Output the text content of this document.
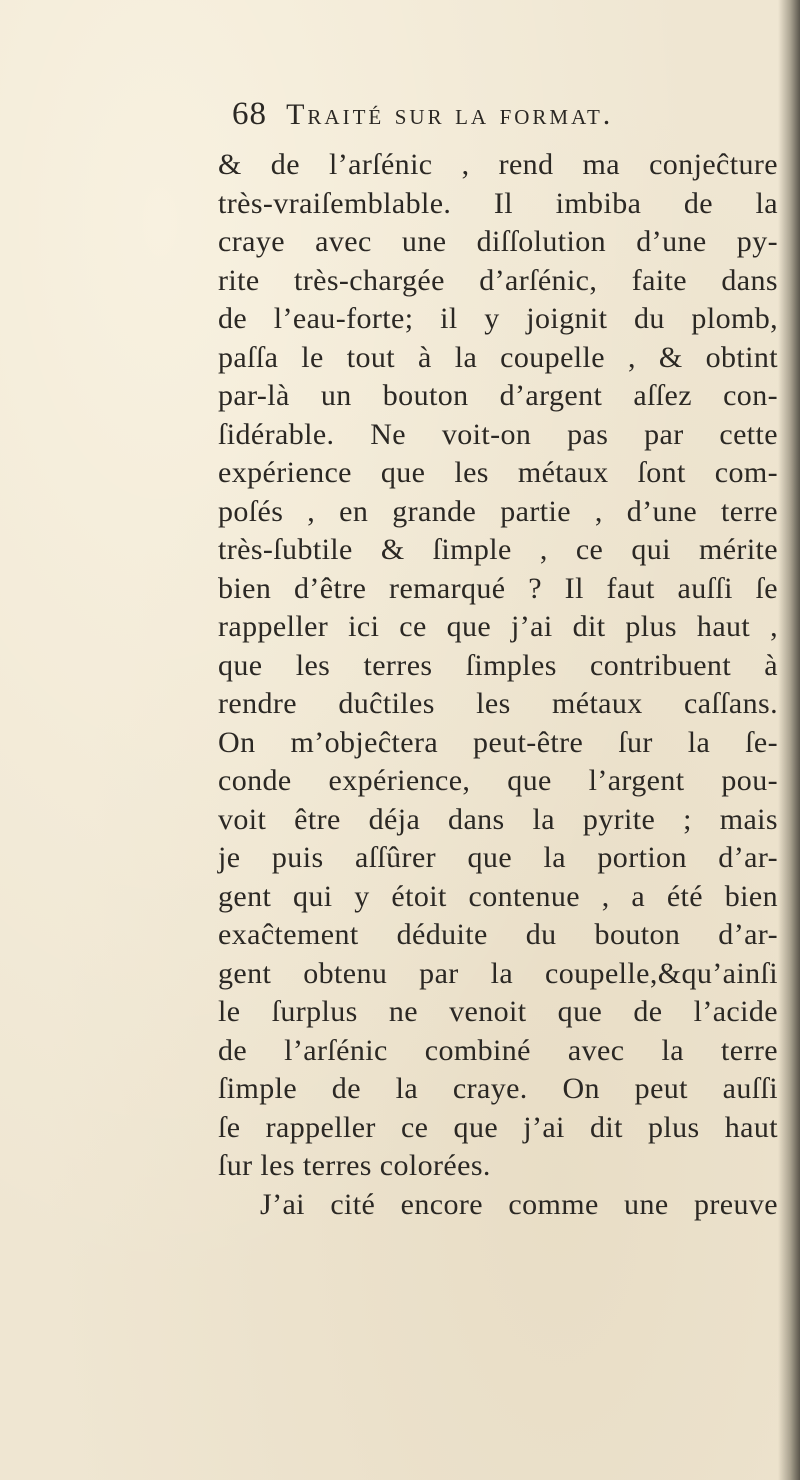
68 Traité sur la format.
& de l’arſénic , rend ma conjeĉture
très-vraiſemblable. Il imbiba de la
craye avec une diſſolution d’une py-
rite très-chargée d’arſénic, faite dans
de l’eau-forte; il y joignit du plomb,
paſſa le tout à la coupelle , & obtint
par-là un bouton d’argent aſſez con-
ſidérable. Ne voit-on pas par cette
expérience que les métaux ſont com-
poſés , en grande partie , d’une terre
très-ſubtile & ſimple , ce qui mérite
bien d’être remarqué ? Il faut auſſi ſe
rappeller ici ce que j’ai dit plus haut ,
que les terres ſimples contribuent à
rendre duĉtiles les métaux caſſans.
On m’objeĉtera peut-être ſur la ſe-
conde expérience, que l’argent pou-
voit être déja dans la pyrite ; mais
je puis aſſûrer que la portion d’ar-
gent qui y étoit contenue , a été bien
exaĉtement déduite du bouton d’ar-
gent obtenu par la coupelle,&qu’ainſi
le ſurplus ne venoit que de l’acide
de l’arſénic combiné avec la terre
ſimple de la craye. On peut auſſi
ſe rappeller ce que j’ai dit plus haut
ſur les terres colorées.
J’ai cité encore comme une preuve
